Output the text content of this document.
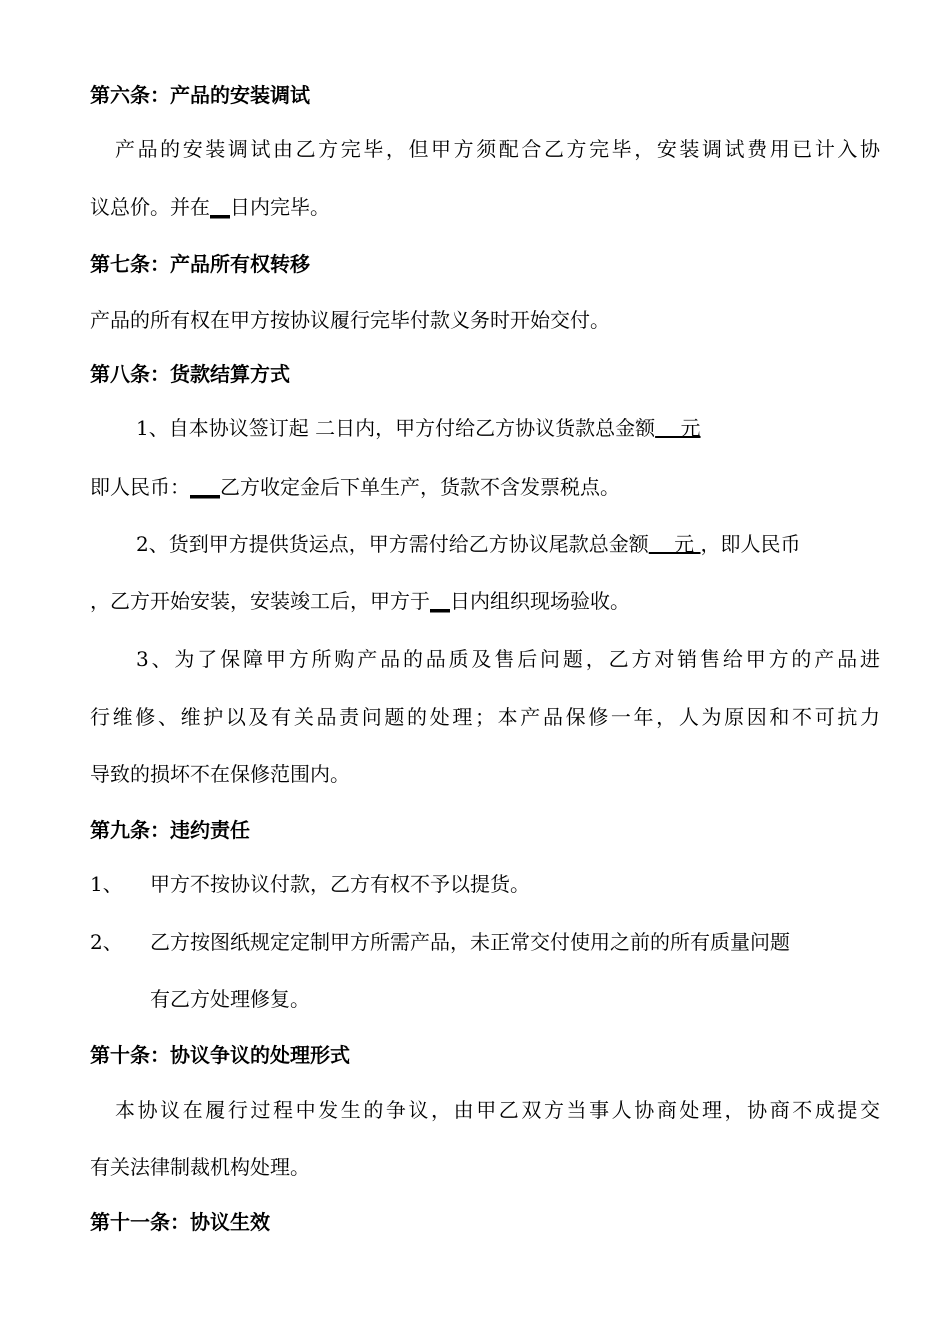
第六条：产品的安装调试
产品的安装调试由乙方完毕，但甲方须配合乙方完毕，安装调试费用已计入协
议总价。并在__日内完毕。
第七条：产品所有权转移
产品的所有权在甲方按协议履行完毕付款义务时开始交付。
第八条：货款结算方式
1、自本协议签订起 二日内，甲方付给乙方协议货款总金额    元
即人民币：___乙方收定金后下单生产，货款不含发票税点。
2、货到甲方提供货运点，甲方需付给乙方协议尾款总金额    元 ，即人民币
，乙方开始安装，安装竣工后，甲方于__日内组织现场验收。
3、为了保障甲方所购产品的品质及售后问题，乙方对销售给甲方的产品进
行维修、维护以及有关品责问题的处理；本产品保修一年，人为原因和不可抗力
导致的损坏不在保修范围内。
第九条：违约责任
1、 甲方不按协议付款，乙方有权不予以提货。
2、 乙方按图纸规定定制甲方所需产品，未正常交付使用之前的所有质量问题
有乙方处理修复。
第十条：协议争议的处理形式
本协议在履行过程中发生的争议，由甲乙双方当事人协商处理，协商不成提交
有关法律制裁机构处理。
第十一条：协议生效
